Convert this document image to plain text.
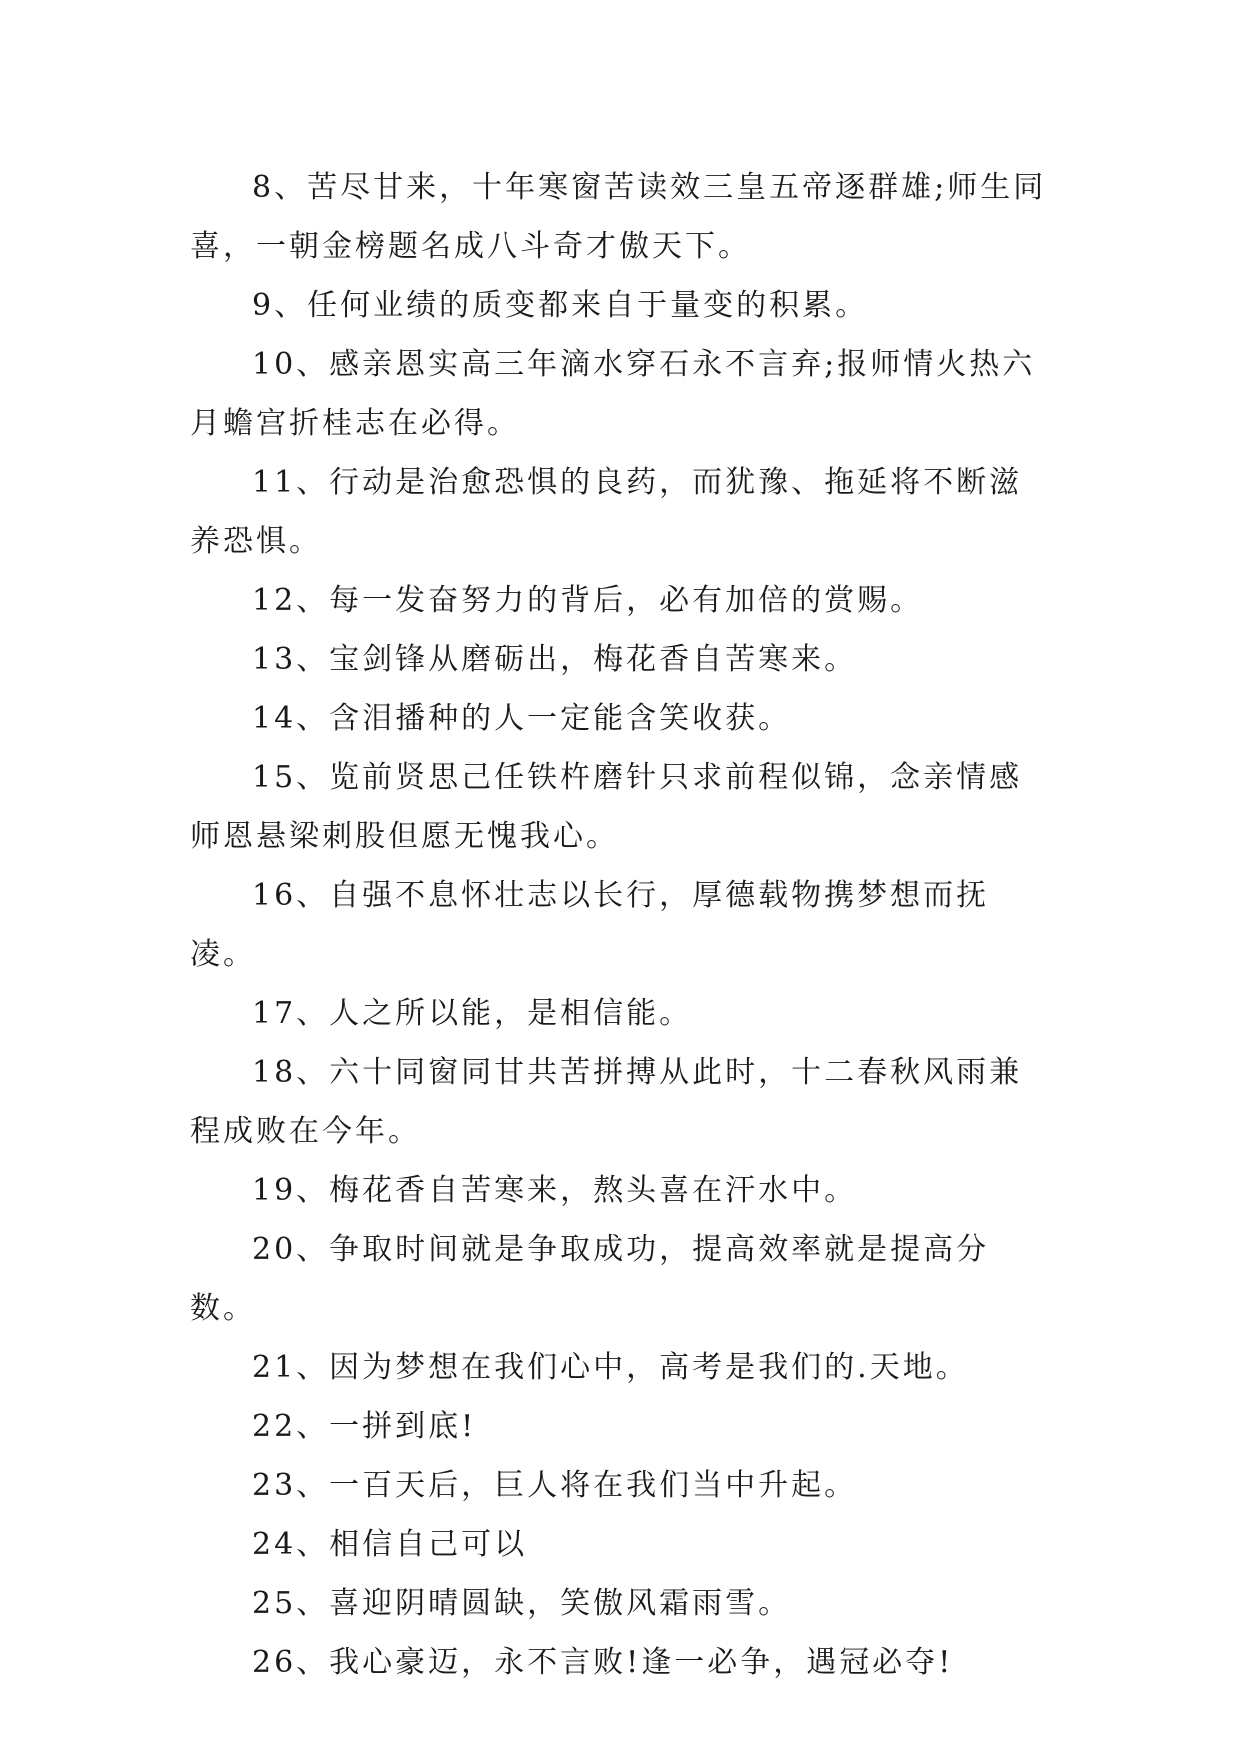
8、苦尽甘来，十年寒窗苦读效三皇五帝逐群雄;师生同喜，一朝金榜题名成八斗奇才傲天下。

9、任何业绩的质变都来自于量变的积累。

10、感亲恩实高三年滴水穿石永不言弃;报师情火热六月蟾宫折桂志在必得。

11、行动是治愈恐惧的良药，而犹豫、拖延将不断滋养恐惧。

12、每一发奋努力的背后，必有加倍的赏赐。

13、宝剑锋从磨砺出，梅花香自苦寒来。

14、含泪播种的人一定能含笑收获。

15、览前贤思己任铁杵磨针只求前程似锦，念亲情感师恩悬梁刺股但愿无愧我心。

16、自强不息怀壮志以长行，厚德载物携梦想而抚凌。

17、人之所以能，是相信能。

18、六十同窗同甘共苦拼搏从此时，十二春秋风雨兼程成败在今年。

19、梅花香自苦寒来，熬头喜在汗水中。

20、争取时间就是争取成功，提高效率就是提高分数。

21、因为梦想在我们心中，高考是我们的.天地。

22、一拼到底!

23、一百天后，巨人将在我们当中升起。

24、相信自己可以

25、喜迎阴晴圆缺，笑傲风霜雨雪。

26、我心豪迈，永不言败!逢一必争，遇冠必夺!
